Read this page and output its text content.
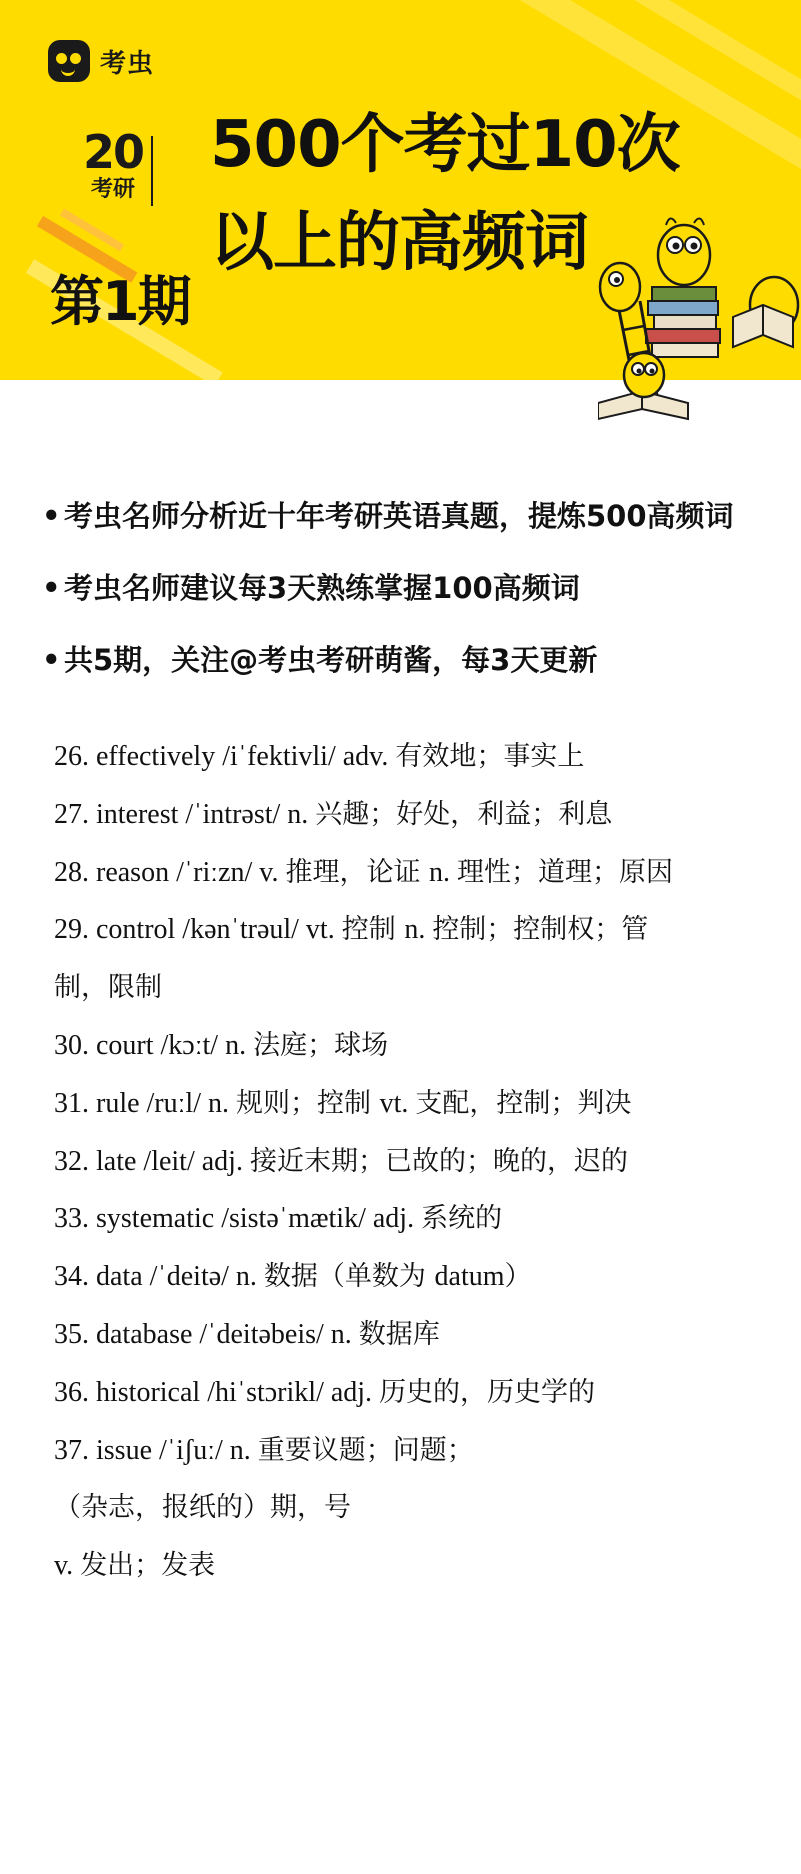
考虫
20
考研
500个考过10次
以上的高频词
第1期
• 考虫名师分析近十年考研英语真题，提炼500高频词
• 考虫名师建议每3天熟练掌握100高频词
• 共5期，关注@考虫考研萌酱，每3天更新
26. effectively /iˈfektivli/ adv. 有效地；事实上
27. interest /ˈintrəst/ n. 兴趣；好处，利益；利息
28. reason /ˈriːzn/ v. 推理，论证 n. 理性；道理；原因
29. control /kənˈtrəul/ vt. 控制 n. 控制；控制权；管
制，限制
30. court /kɔːt/ n. 法庭；球场
31. rule /ruːl/ n. 规则；控制 vt. 支配，控制；判决
32. late /leit/ adj. 接近末期；已故的；晚的，迟的
33. systematic /sistəˈmætik/ adj. 系统的
34. data /ˈdeitə/ n. 数据（单数为 datum）
35. database /ˈdeitəbeis/ n. 数据库
36. historical /hiˈstɔrikl/ adj. 历史的，历史学的
37. issue /ˈiʃuː/ n. 重要议题；问题；
（杂志，报纸的）期，号
v. 发出；发表
